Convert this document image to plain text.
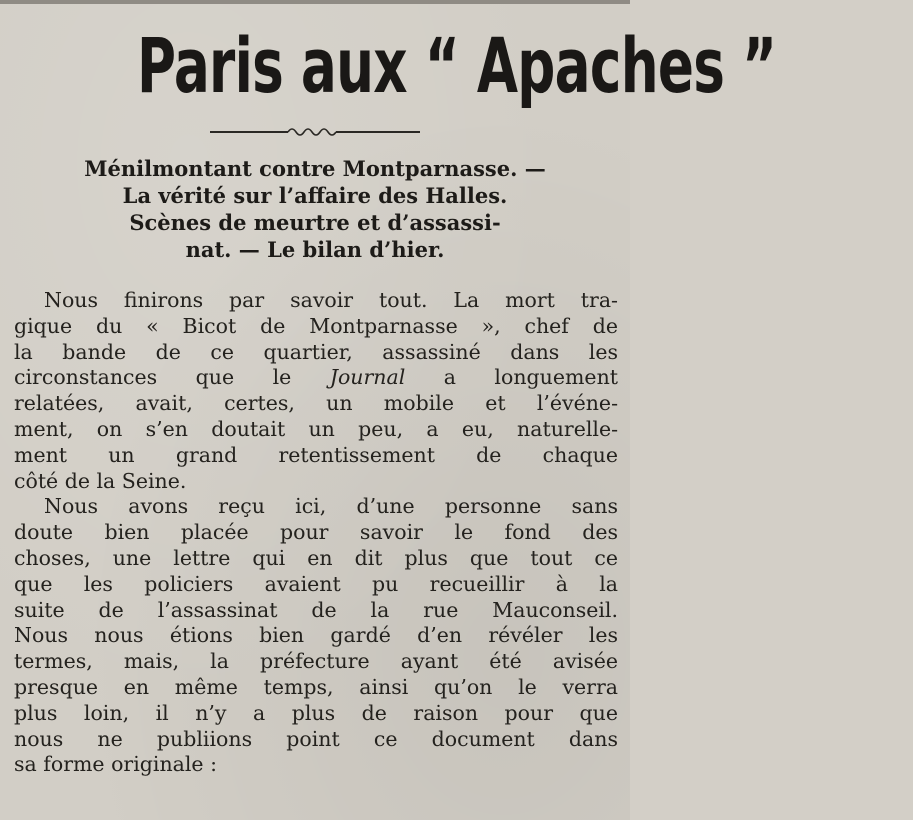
Paris aux “ Apaches ”
Ménilmontant contre Montparnasse. —
La vérité sur l’affaire des Halles.
Scènes de meurtre et d’assassi-
nat. — Le bilan d’hier.
Nous finirons par savoir tout. La mort tra-
gique du « Bicot de Montparnasse », chef de
la bande de ce quartier, assassiné dans les
circonstances que le Journal a longuement
relatées, avait, certes, un mobile et l’événe-
ment, on s’en doutait un peu, a eu, naturelle-
ment un grand retentissement de chaque
côté de la Seine.
Nous avons reçu ici, d’une personne sans
doute bien placée pour savoir le fond des
choses, une lettre qui en dit plus que tout ce
que les policiers avaient pu recueillir à la
suite de l’assassinat de la rue Mauconseil.
Nous nous étions bien gardé d’en révéler les
termes, mais, la préfecture ayant été avisée
presque en même temps, ainsi qu’on le verra
plus loin, il n’y a plus de raison pour que
nous ne publiions point ce document dans
sa forme originale :
